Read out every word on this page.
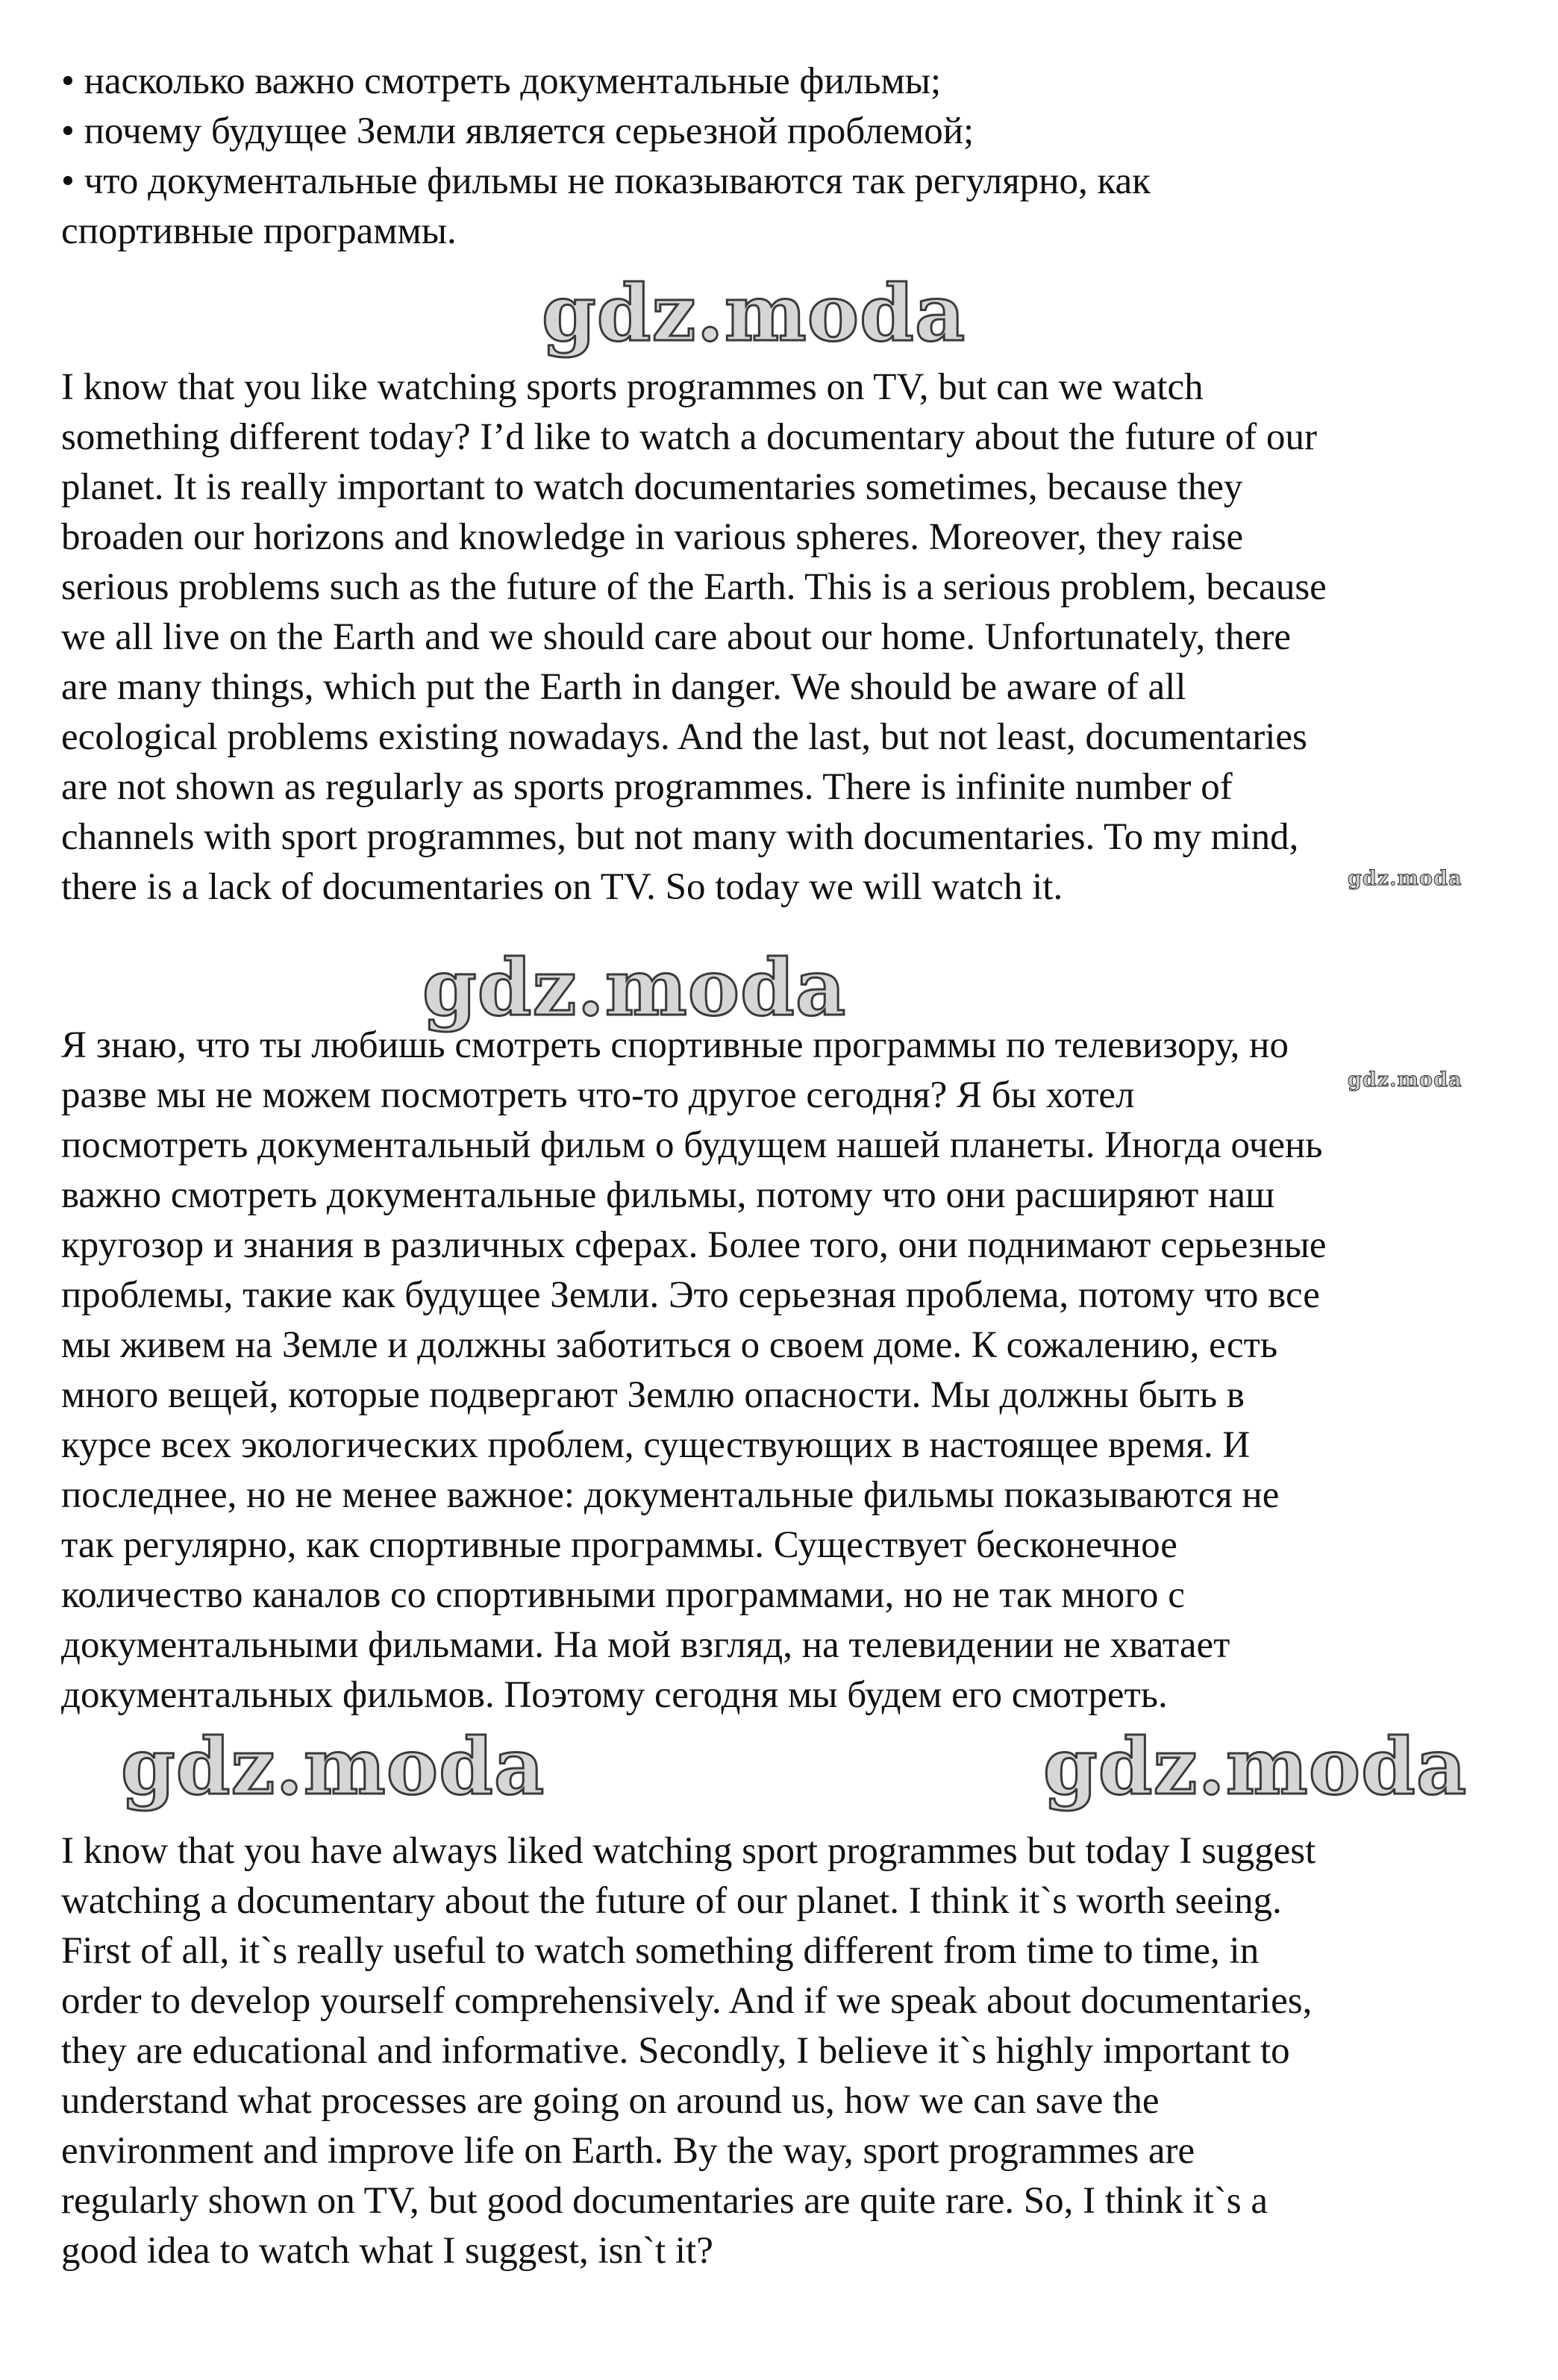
• насколько важно смотреть документальные фильмы;
• почему будущее Земли является серьезной проблемой;
• что документальные фильмы не показываются так регулярно, как
спортивные программы.
gdz.moda
I know that you like watching sports programmes on TV, but can we watch
something different today? I’d like to watch a documentary about the future of our
planet. It is really important to watch documentaries sometimes, because they
broaden our horizons and knowledge in various spheres. Moreover, they raise
serious problems such as the future of the Earth. This is a serious problem, because
we all live on the Earth and we should care about our home. Unfortunately, there
are many things, which put the Earth in danger. We should be aware of all
ecological problems existing nowadays. And the last, but not least, documentaries
are not shown as regularly as sports programmes. There is infinite number of
channels with sport programmes, but not many with documentaries. To my mind,
there is a lack of documentaries on TV. So today we will watch it.	gdz.moda
gdz.moda
Я знаю, что ты любишь смотреть спортивные программы по телевизору, но
разве мы не можем посмотреть что-то другое сегодня? Я бы хотел
посмотреть документальный фильм о будущем нашей планеты. Иногда очень
важно смотреть документальные фильмы, потому что они расширяют наш
кругозор и знания в различных сферах. Более того, они поднимают серьезные
проблемы, такие как будущее Земли. Это серьезная проблема, потому что все
мы живем на Земле и должны заботиться о своем доме. К сожалению, есть
много вещей, которые подвергают Землю опасности. Мы должны быть в
курсе всех экологических проблем, существующих в настоящее время. И
последнее, но не менее важное: документальные фильмы показываются не
так регулярно, как спортивные программы. Существует бесконечное
количество каналов со спортивными программами, но не так много с
документальными фильмами. На мой взгляд, на телевидении не хватает
документальных фильмов. Поэтому сегодня мы будем его смотреть.
gdz.moda
gdz.moda	gdz.moda
I know that you have always liked watching sport programmes but today I suggest
watching a documentary about the future of our planet. I think it`s worth seeing.
First of all, it`s really useful to watch something different from time to time, in
order to develop yourself comprehensively. And if we speak about documentaries,
they are educational and informative. Secondly, I believe it`s highly important to
understand what processes are going on around us, how we can save the
environment and improve life on Earth. By the way, sport programmes are
regularly shown on TV, but good documentaries are quite rare. So, I think it`s a
good idea to watch what I suggest, isn`t it?
